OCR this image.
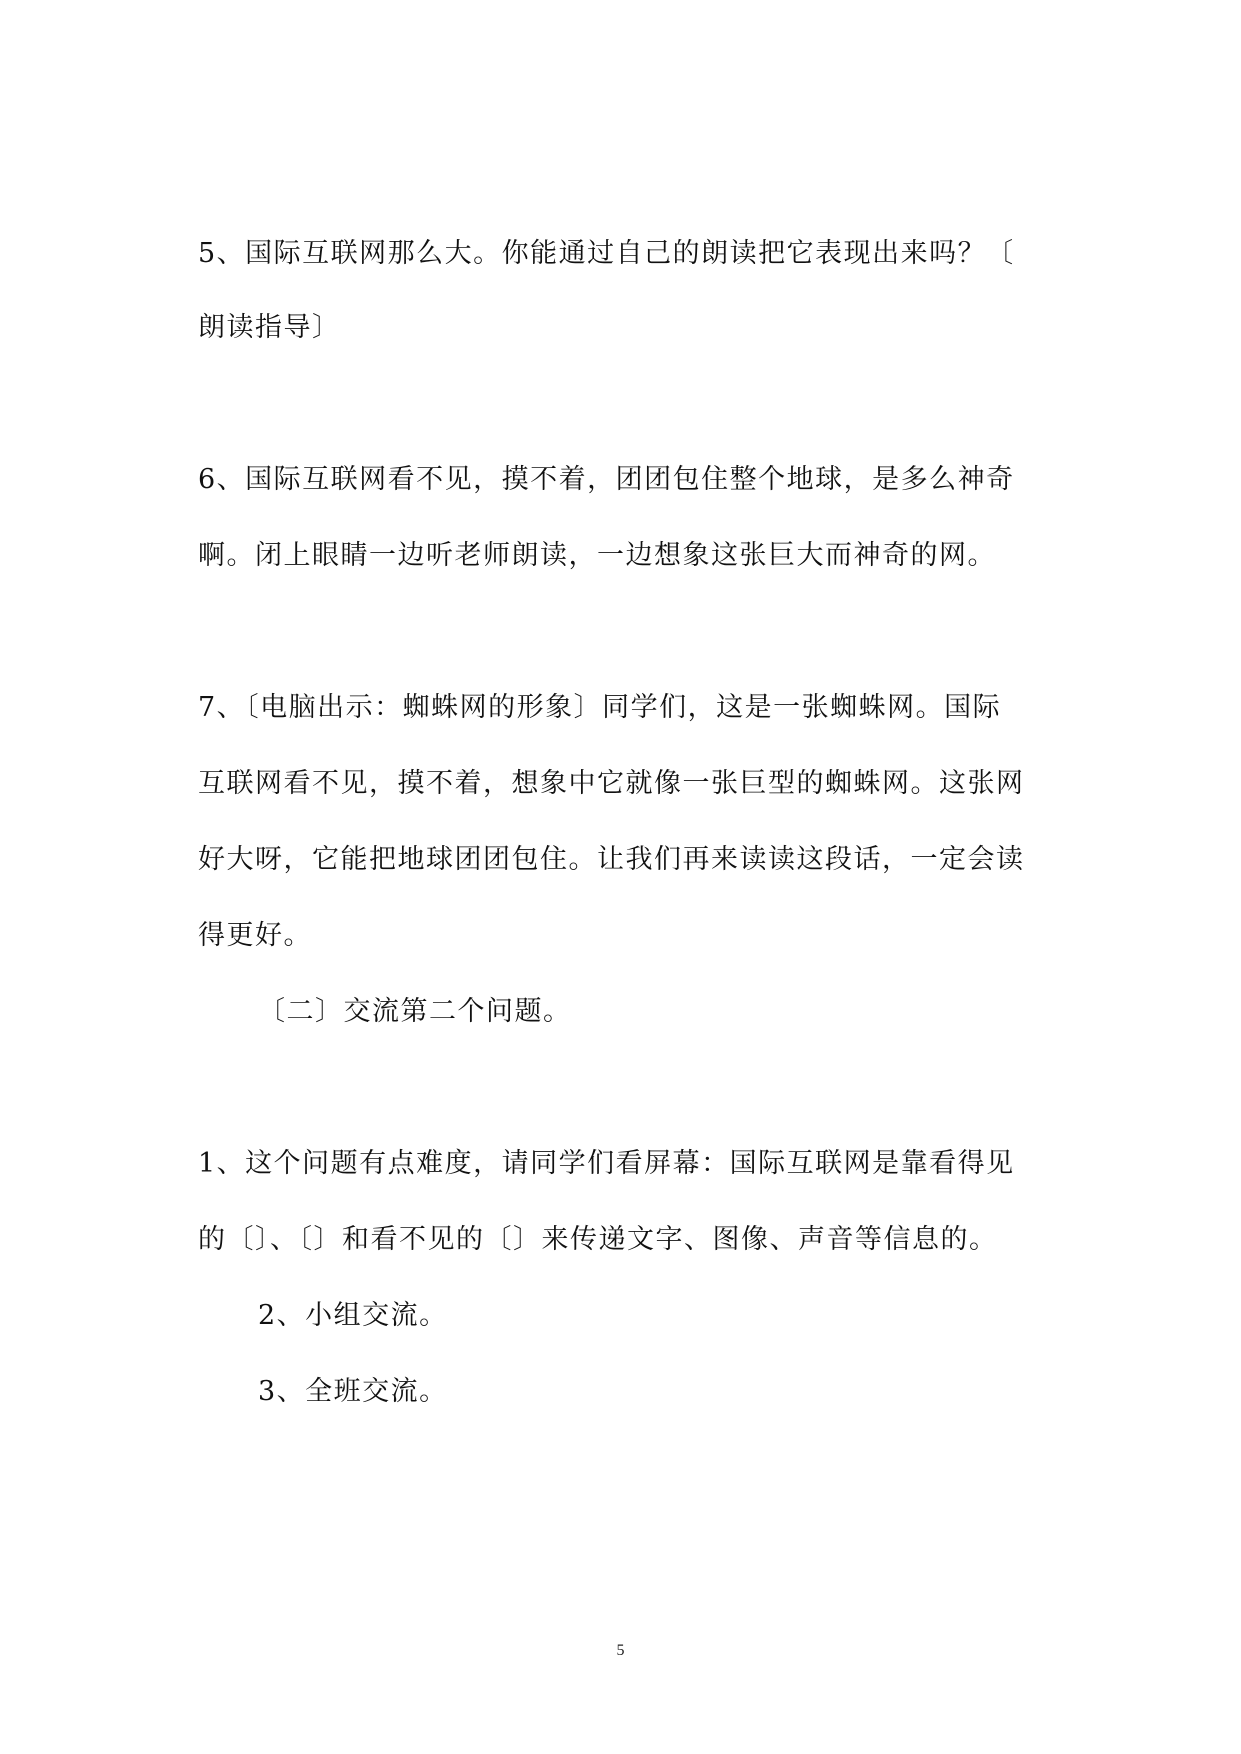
5、国际互联网那么大。你能通过自己的朗读把它表现出来吗？〔

朗读指导〕

6、国际互联网看不见，摸不着，团团包住整个地球，是多么神奇

啊。闭上眼睛一边听老师朗读，一边想象这张巨大而神奇的网。

7、〔电脑出示：蜘蛛网的形象〕同学们，这是一张蜘蛛网。国际

互联网看不见，摸不着，想象中它就像一张巨型的蜘蛛网。这张网

好大呀，它能把地球团团包住。让我们再来读读这段话，一定会读

得更好。

〔二〕交流第二个问题。

1、这个问题有点难度，请同学们看屏幕：国际互联网是靠看得见

的〔〕、〔〕和看不见的〔〕来传递文字、图像、声音等信息的。

2、小组交流。

3、全班交流。

5
